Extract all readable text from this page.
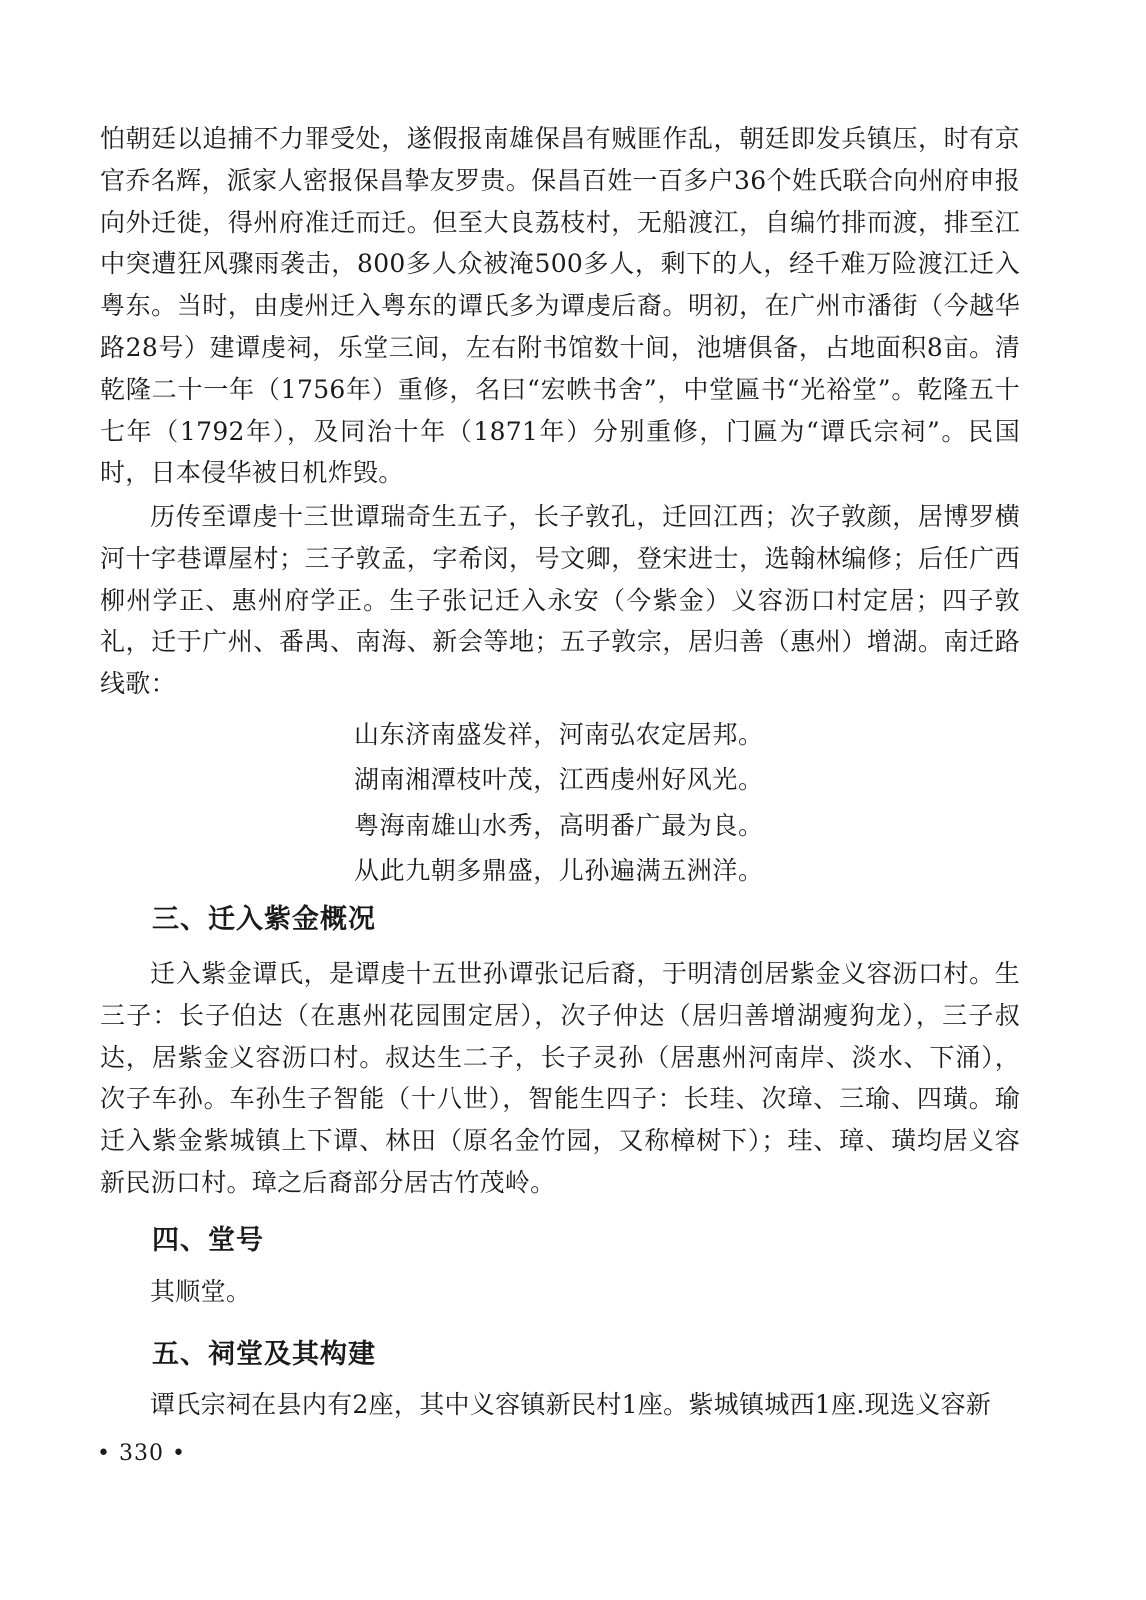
怕朝廷以追捕不力罪受处，遂假报南雄保昌有贼匪作乱，朝廷即发兵镇压，时有京官乔名辉，派家人密报保昌挚友罗贵。保昌百姓一百多户36个姓氏联合向州府申报向外迁徙，得州府准迁而迁。但至大良荔枝村，无船渡江，自编竹排而渡，排至江中突遭狂风骤雨袭击，800多人众被淹500多人，剩下的人，经千难万险渡江迁入粤东。当时，由虔州迁入粤东的谭氏多为谭虔后裔。明初，在广州市潘街（今越华路28号）建谭虔祠，乐堂三间，左右附书馆数十间，池塘俱备，占地面积8亩。清乾隆二十一年（1756年）重修，名曰“宏帙书舍”，中堂匾书“光裕堂”。乾隆五十七年（1792年），及同治十年（1871年）分别重修，门匾为“谭氏宗祠”。民国时，日本侵华被日机炸毁。

历传至谭虔十三世谭瑞奇生五子，长子敦孔，迁回江西；次子敦颜，居博罗横河十字巷谭屋村；三子敦孟，字希闵，号文卿，登宋进士，选翰林编修；后任广西柳州学正、惠州府学正。生子张记迁入永安（今紫金）义容沥口村定居；四子敦礼，迁于广州、番禺、南海、新会等地；五子敦宗，居归善（惠州）增湖。南迁路线歌：

山东济南盛发祥，河南弘农定居邦。
湖南湘潭枝叶茂，江西虔州好风光。
粤海南雄山水秀，高明番广最为良。
从此九朝多鼎盛，儿孙遍满五洲洋。
三、迁入紫金概况

迁入紫金谭氏，是谭虔十五世孙谭张记后裔，于明清创居紫金义容沥口村。生三子：长子伯达（在惠州花园围定居），次子仲达（居归善增湖瘦狗龙），三子叔达，居紫金义容沥口村。叔达生二子，长子灵孙（居惠州河南岸、淡水、下涌），次子车孙。车孙生子智能（十八世），智能生四子：长珪、次璋、三瑜、四璜。瑜迁入紫金紫城镇上下谭、林田（原名金竹园，又称樟树下）；珪、璋、璜均居义容新民沥口村。璋之后裔部分居古竹茂岭。

四、堂号

其顺堂。

五、祠堂及其构建

谭氏宗祠在县内有2座，其中义容镇新民村1座。紫城镇城西1座.现选义容新

• 330 •
